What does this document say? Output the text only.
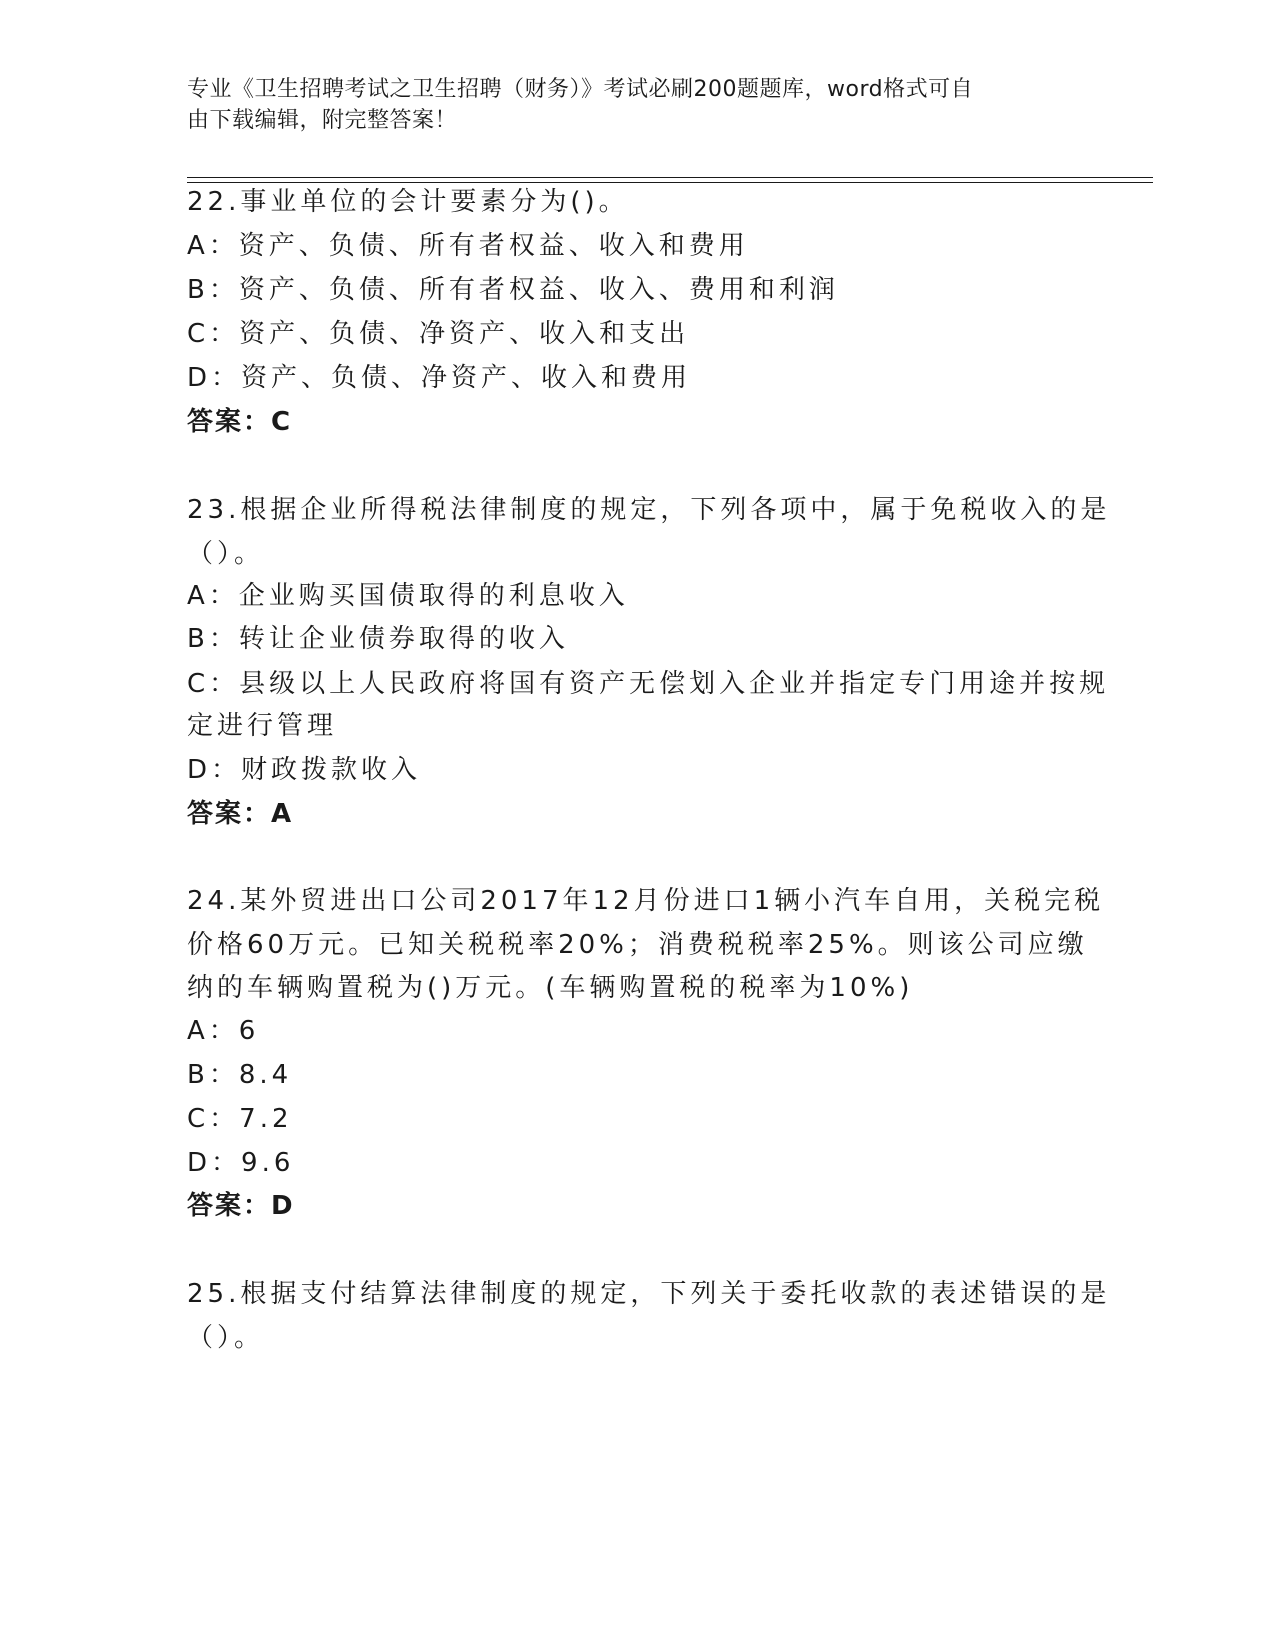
专业《卫生招聘考试之卫生招聘（财务）》考试必刷200题题库，word格式可自
由下载编辑，附完整答案！
22.事业单位的会计要素分为()。
A：资产、负债、所有者权益、收入和费用
B：资产、负债、所有者权益、收入、费用和利润
C：资产、负债、净资产、收入和支出
D：资产、负债、净资产、收入和费用
答案：C
23.根据企业所得税法律制度的规定，下列各项中，属于免税收入的是
（）。
A：企业购买国债取得的利息收入
B：转让企业债券取得的收入
C：县级以上人民政府将国有资产无偿划入企业并指定专门用途并按规
定进行管理
D：财政拨款收入
答案：A
24.某外贸进出口公司2017年12月份进口1辆小汽车自用，关税完税
价格60万元。已知关税税率20%；消费税税率25%。则该公司应缴
纳的车辆购置税为()万元。(车辆购置税的税率为10%)
A：6
B：8.4
C：7.2
D：9.6
答案：D
25.根据支付结算法律制度的规定，下列关于委托收款的表述错误的是
（）。
